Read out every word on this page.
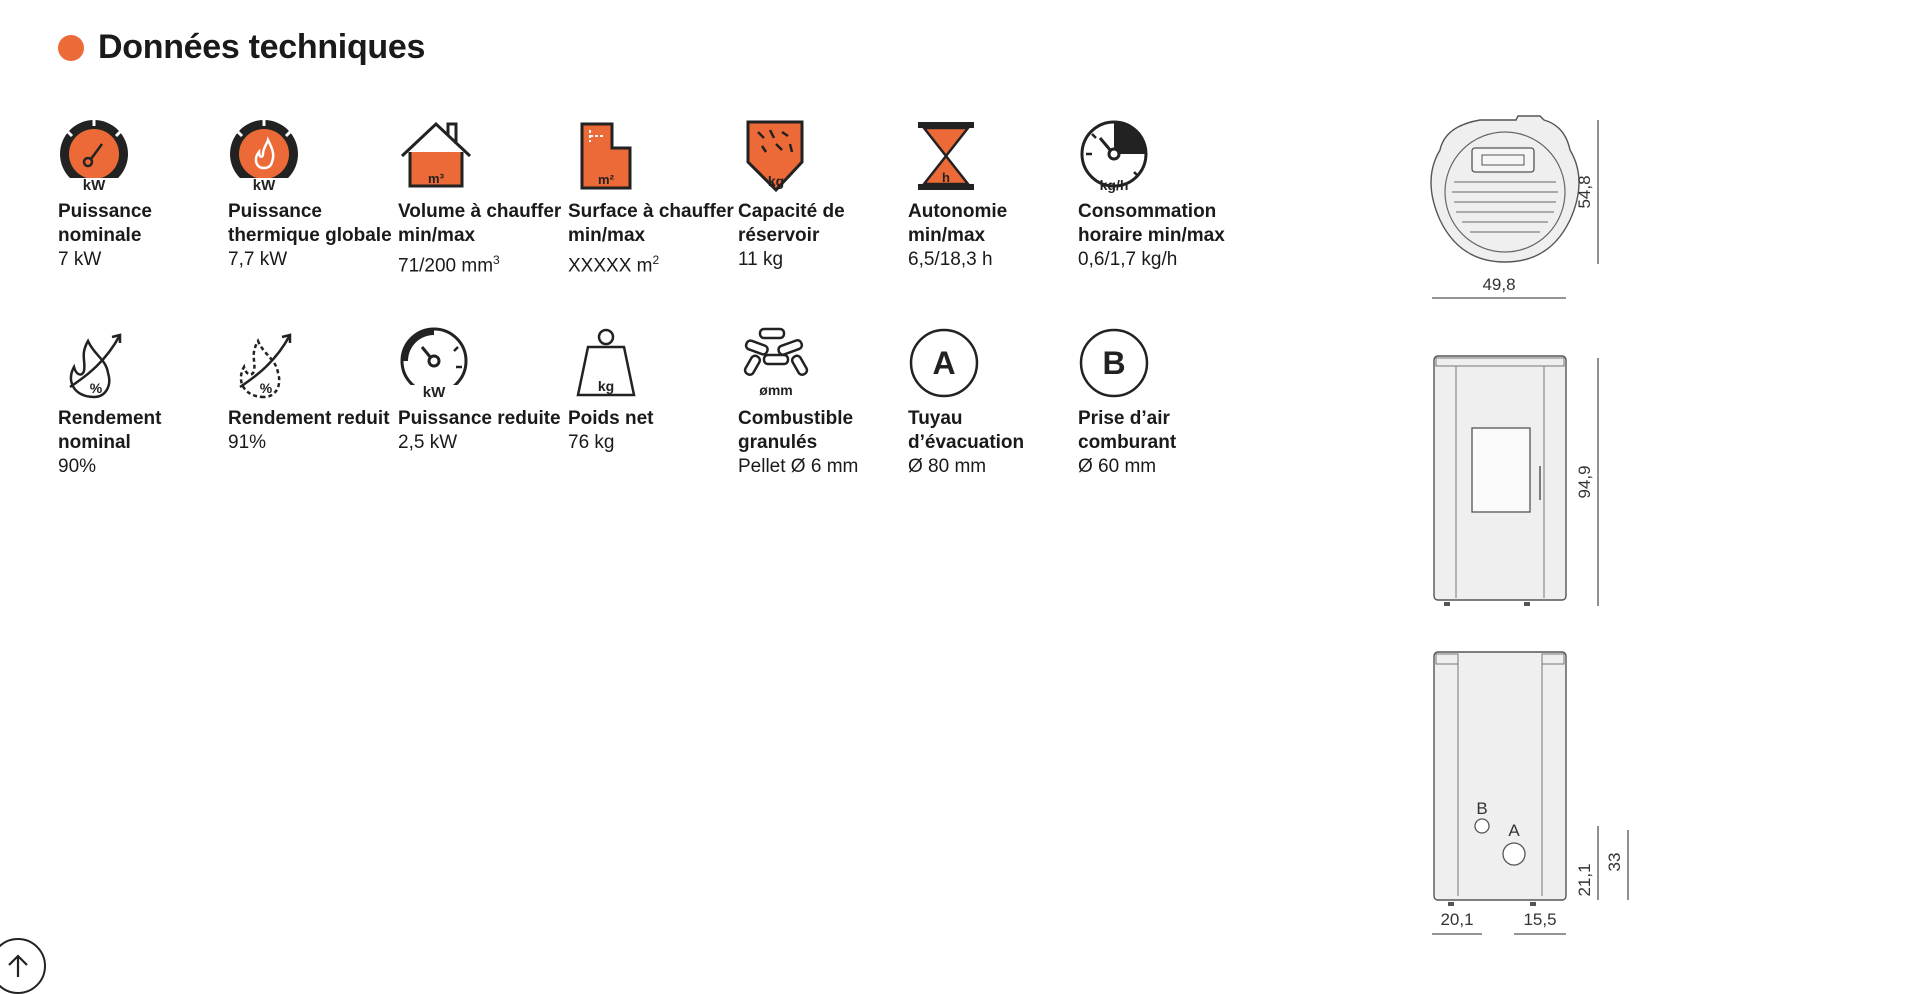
Données techniques
kW
Puissance nominale
7 kW
kW
Puissance thermique globale
7,7 kW
m³
Volume à chauffer min/max
71/200 $mm^3$
m²
Surface à chauffer min/max
XXXXX $m^2$
kg
Capacité de réservoir
11 kg
h
Autonomie min/max
6,5/18,3 h
kg/h
Consommation horaire min/max
0,6/1,7 kg/h
%
Rendement nominal
90%
%
Rendement reduit
91%
kW
Puissance reduite
2,5 kW
kg
Poids net
76 kg
ømm
Combustible granulés
Pellet Ø 6 mm
A
Tuyau d’évacuation
Ø 80 mm
B
Prise d’air comburant
Ø 60 mm
49,8
54,8
94,9
B
A
20,1	15,5
21,1
33
